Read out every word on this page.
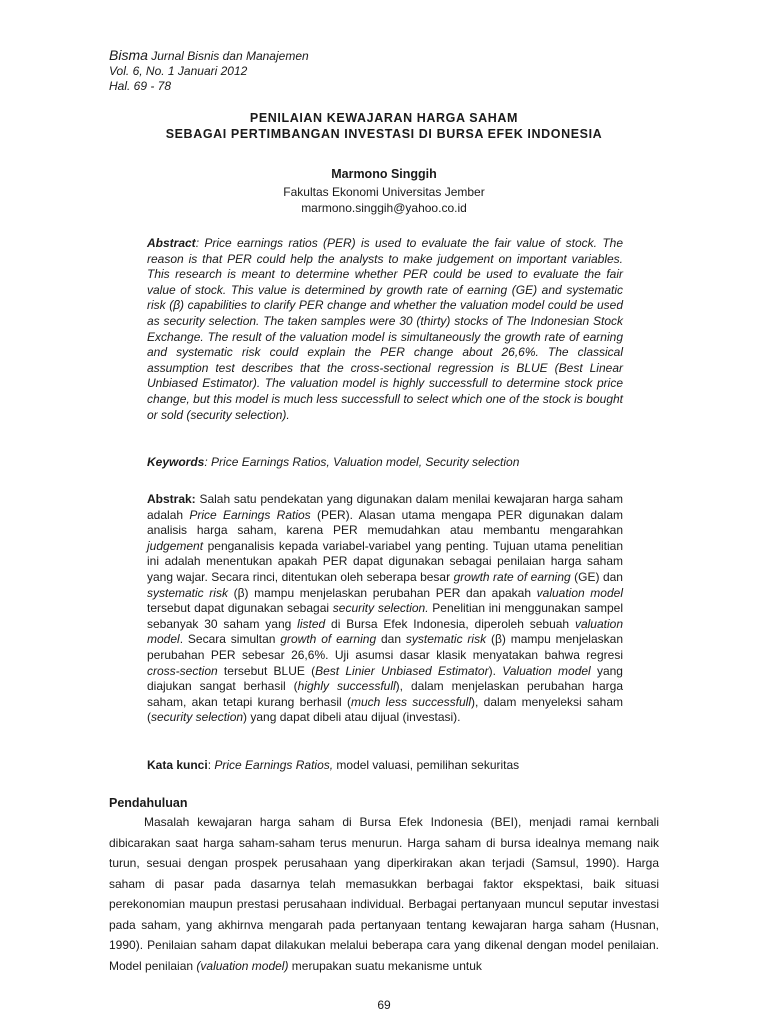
Bisma Jurnal Bisnis dan Manajemen
Vol. 6, No. 1 Januari 2012
Hal. 69 - 78
PENILAIAN KEWAJARAN HARGA SAHAM
SEBAGAI PERTIMBANGAN INVESTASI DI BURSA EFEK INDONESIA
Marmono Singgih
Fakultas Ekonomi Universitas Jember
marmono.singgih@yahoo.co.id
Abstract: Price earnings ratios (PER) is used to evaluate the fair value of stock. The reason is that PER could help the analysts to make judgement on important variables. This research is meant to determine whether PER could be used to evaluate the fair value of stock. This value is determined by growth rate of earning (GE) and systematic risk (β) capabilities to clarify PER change and whether the valuation model could be used as security selection. The taken samples were 30 (thirty) stocks of The Indonesian Stock Exchange. The result of the valuation model is simultaneously the growth rate of earning and systematic risk could explain the PER change about 26,6%. The classical assumption test describes that the cross-sectional regression is BLUE (Best Linear Unbiased Estimator). The valuation model is highly successfull to determine stock price change, but this model is much less successfull to select which one of the stock is bought or sold (security selection).
Keywords: Price Earnings Ratios, Valuation model, Security selection
Abstrak: Salah satu pendekatan yang digunakan dalam menilai kewajaran harga saham adalah Price Earnings Ratios (PER). Alasan utama mengapa PER digunakan dalam analisis harga saham, karena PER memudahkan atau membantu mengarahkan judgement penganalisis kepada variabel-variabel yang penting. Tujuan utama penelitian ini adalah menentukan apakah PER dapat digunakan sebagai penilaian harga saham yang wajar. Secara rinci, ditentukan oleh seberapa besar growth rate of earning (GE) dan systematic risk (β) mampu menjelaskan perubahan PER dan apakah valuation model tersebut dapat digunakan sebagai security selection. Penelitian ini menggunakan sampel sebanyak 30 saham yang listed di Bursa Efek Indonesia, diperoleh sebuah valuation model. Secara simultan growth of earning dan systematic risk (β) mampu menjelaskan perubahan PER sebesar 26,6%. Uji asumsi dasar klasik menyatakan bahwa regresi cross-section tersebut BLUE (Best Linier Unbiased Estimator). Valuation model yang diajukan sangat berhasil (highly successfull), dalam menjelaskan perubahan harga saham, akan tetapi kurang berhasil (much less successfull), dalam menyeleksi saham (security selection) yang dapat dibeli atau dijual (investasi).
Kata kunci: Price Earnings Ratios, model valuasi, pemilihan sekuritas
Pendahuluan
Masalah kewajaran harga saham di Bursa Efek Indonesia (BEI), menjadi ramai kernbali dibicarakan saat harga saham-saham terus menurun. Harga saham di bursa idealnya memang naik turun, sesuai dengan prospek perusahaan yang diperkirakan akan terjadi (Samsul, 1990). Harga saham di pasar pada dasarnya telah memasukkan berbagai faktor ekspektasi, baik situasi perekonomian maupun prestasi perusahaan individual. Berbagai pertanyaan muncul seputar investasi pada saham, yang akhirnva mengarah pada pertanyaan tentang kewajaran harga saham (Husnan, 1990). Penilaian saham dapat dilakukan melalui beberapa cara yang dikenal dengan model penilaian. Model penilaian (valuation model) merupakan suatu mekanisme untuk
69
